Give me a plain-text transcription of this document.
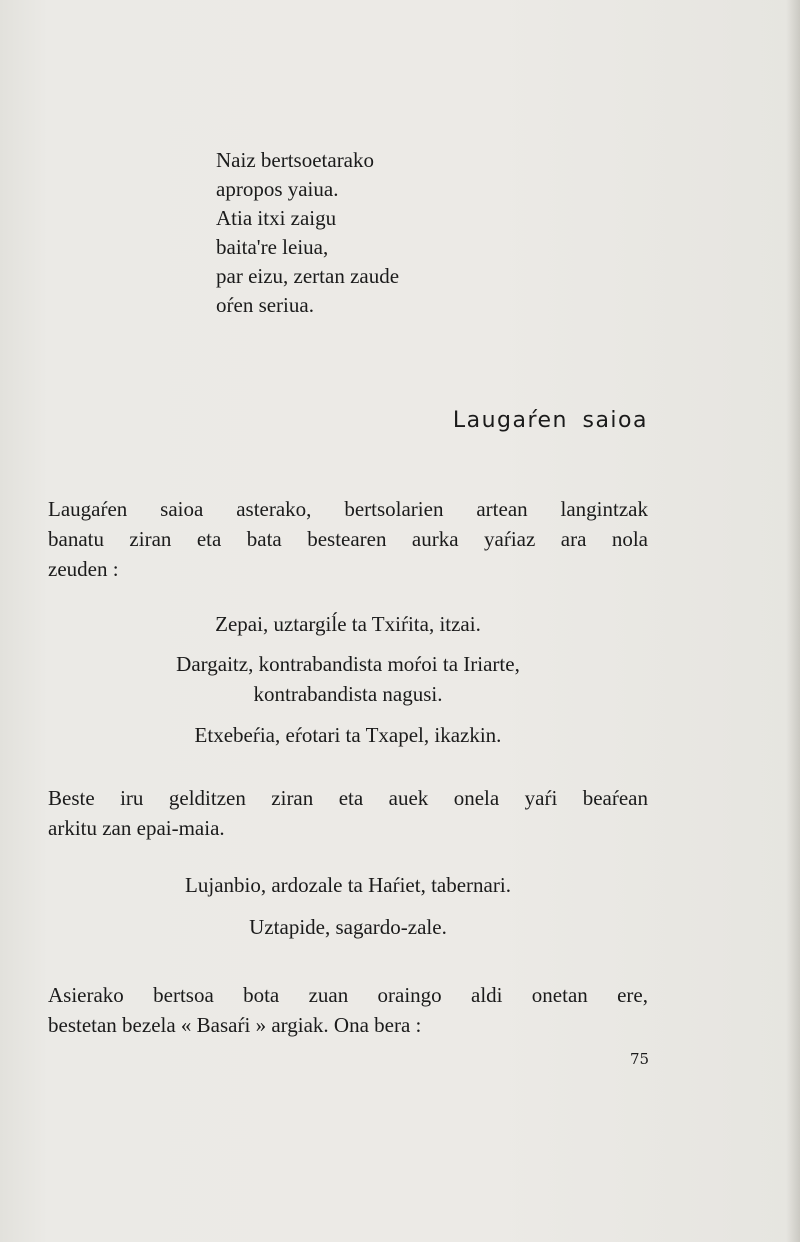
Naiz bertsoetarako
apropos yaiua.
Atia itxi zaigu
baita're leiua,
par eizu, zertan zaude
oŕen seriua.
Laugaŕen saioa
Laugaŕen saioa asterako, bertsolarien artean langintzak
banatu ziran eta bata bestearen aurka yaŕiaz ara nola
zeuden :
Zepai, uztargiĺe ta Txiŕita, itzai.
Dargaitz, kontrabandista moŕoi ta Iriarte,
kontrabandista nagusi.
Etxebeŕia, eŕotari ta Txapel, ikazkin.
Beste iru gelditzen ziran eta auek onela yaŕi beaŕean
arkitu zan epai-maia.
Lujanbio, ardozale ta Haŕiet, tabernari.
Uztapide, sagardo-zale.
Asierako bertsoa bota zuan oraingo aldi onetan ere,
bestetan bezela « Basaŕi » argiak. Ona bera :
75
